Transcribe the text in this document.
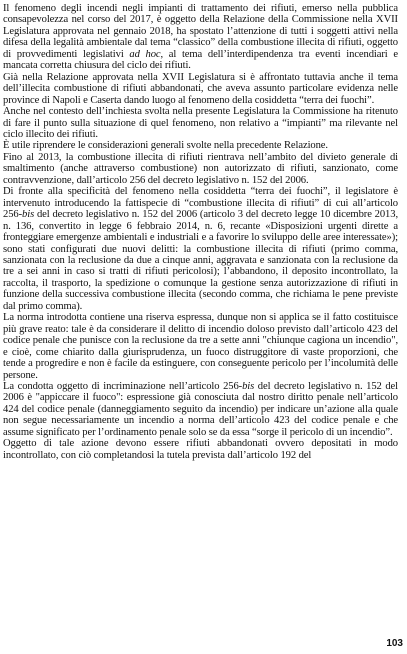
Il fenomeno degli incendi negli impianti di trattamento dei rifiuti, emerso nella pubblica consapevolezza nel corso del 2017, è oggetto della Relazione della Commissione nella XVII Legislatura approvata nel gennaio 2018, ha spostato l’attenzione di tutti i soggetti attivi nella difesa della legalità ambientale dal tema “classico” della combustione illecita di rifiuti, oggetto di provvedimenti legislativi ad hoc, al tema dell’interdipendenza tra eventi incendiari e mancata corretta chiusura del ciclo dei rifiuti.

Già nella Relazione approvata nella XVII Legislatura si è affrontato tuttavia anche il tema dell’illecita combustione di rifiuti abbandonati, che aveva assunto particolare evidenza nelle province di Napoli e Caserta dando luogo al fenomeno della cosiddetta “terra dei fuochi”.

Anche nel contesto dell’inchiesta svolta nella presente Legislatura la Commissione ha ritenuto di fare il punto sulla situazione di quel fenomeno, non relativo a “impianti” ma rilevante nel ciclo illecito dei rifiuti.

È utile riprendere le considerazioni generali svolte nella precedente Relazione.

Fino al 2013, la combustione illecita di rifiuti rientrava nell’ambito del divieto generale di smaltimento (anche attraverso combustione) non autorizzato di rifiuti, sanzionato, come contravvenzione, dall’articolo 256 del decreto legislativo n. 152 del 2006.

Di fronte alla specificità del fenomeno nella cosiddetta “terra dei fuochi”, il legislatore è intervenuto introducendo la fattispecie di “combustione illecita di rifiuti” di cui all’articolo 256-bis del decreto legislativo n. 152 del 2006 (articolo 3 del decreto legge 10 dicembre 2013, n. 136, convertito in legge 6 febbraio 2014, n. 6, recante «Disposizioni urgenti dirette a fronteggiare emergenze ambientali e industriali e a favorire lo sviluppo delle aree interessate»); sono stati configurati due nuovi delitti: la combustione illecita di rifiuti (primo comma, sanzionata con la reclusione da due a cinque anni, aggravata e sanzionata con la reclusione da tre a sei anni in caso si tratti di rifiuti pericolosi); l’abbandono, il deposito incontrollato, la raccolta, il trasporto, la spedizione o comunque la gestione senza autorizzazione di rifiuti in funzione della successiva combustione illecita (secondo comma, che richiama le pene previste dal primo comma).

La norma introdotta contiene una riserva espressa, dunque non si applica se il fatto costituisce più grave reato: tale è da considerare il delitto di incendio doloso previsto dall’articolo 423 del codice penale che punisce con la reclusione da tre a sette anni "chiunque cagiona un incendio", e cioè, come chiarito dalla giurisprudenza, un fuoco distruggitore di vaste proporzioni, che tende a progredire e non è facile da estinguere, con conseguente pericolo per l’incolumità delle persone.

La condotta oggetto di incriminazione nell’articolo 256-bis del decreto legislativo n. 152 del 2006 è "appiccare il fuoco": espressione già conosciuta dal nostro diritto penale nell’articolo 424 del codice penale (danneggiamento seguito da incendio) per indicare un’azione alla quale non segue necessariamente un incendio a norma dell’articolo 423 del codice penale e che assume significato per l’ordinamento penale solo se da essa “sorge il pericolo di un incendio”.

Oggetto di tale azione devono essere rifiuti abbandonati ovvero depositati in modo incontrollato, con ciò completandosi la tutela prevista dall’articolo 192 del

103
